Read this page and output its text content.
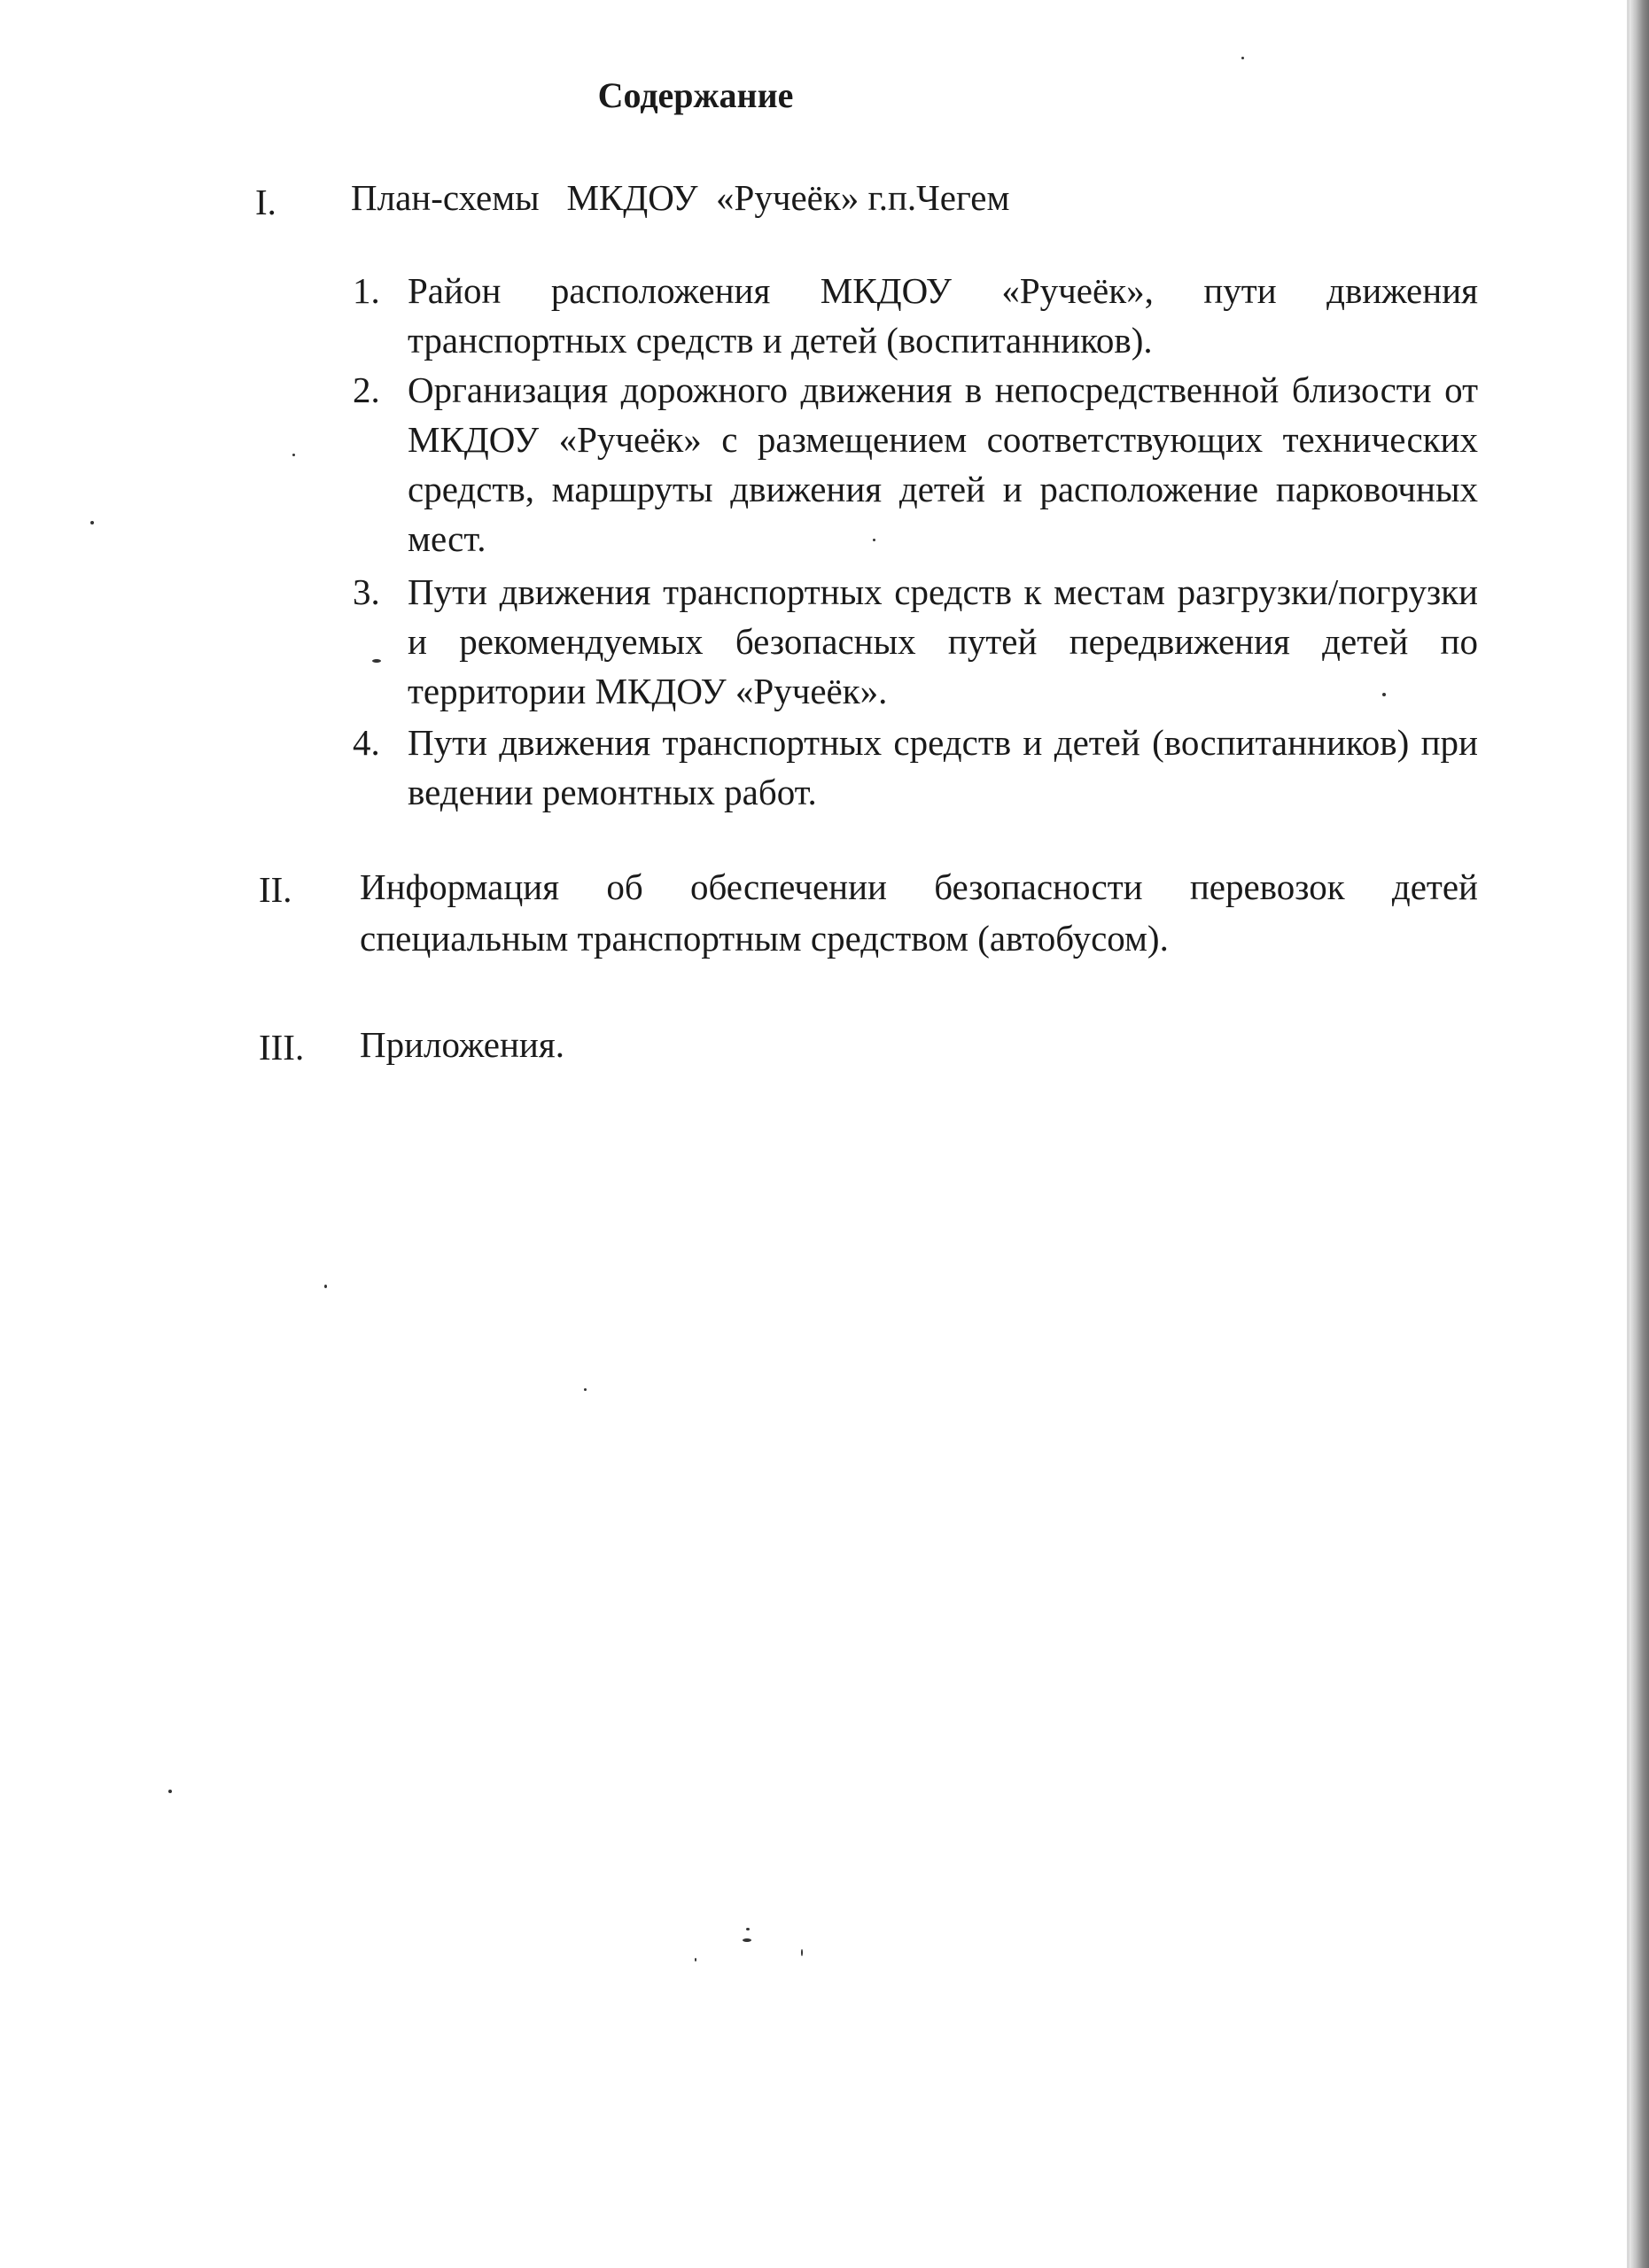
Содержание
I. План-схемы   МКДОУ  «Ручеёк» г.п.Чегем
1. Район расположения МКДОУ «Ручеёк», пути движения транспортных средств и детей (воспитанников).
2. Организация дорожного движения в непосредственной близости от МКДОУ «Ручеёк» с размещением соответствующих технических средств, маршруты движения детей и расположение парковочных мест.
3. Пути движения транспортных средств к местам разгрузки/погрузки и рекомендуемых безопасных путей передвижения детей по территории МКДОУ «Ручеёк».
4. Пути движения транспортных средств и детей (воспитанников) при ведении ремонтных работ.
II. Информация об обеспечении безопасности перевозок детей специальным транспортным средством (автобусом).
III. Приложения.
